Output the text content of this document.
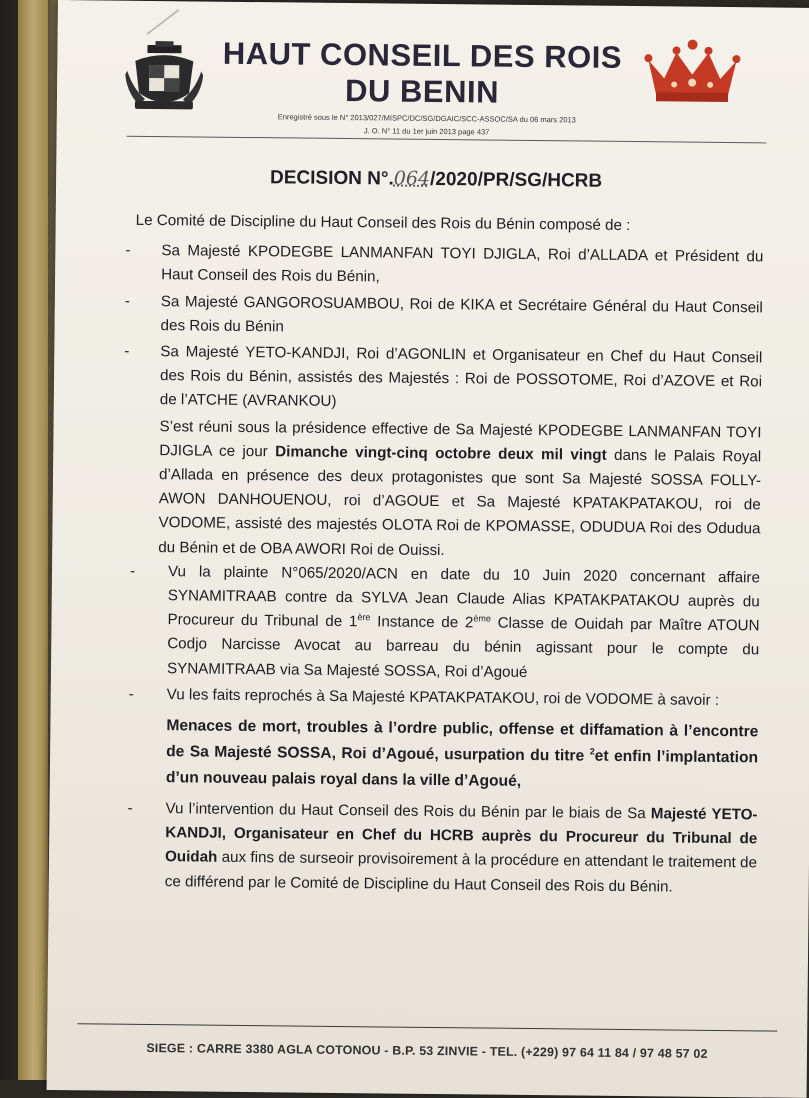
HAUT CONSEIL DES ROIS
DU BENIN
Enregistré sous le N° 2013/027/MISPC/DC/SG/DGAIC/SCC-ASSOC/SA du 06 mars 2013
J. O. N° 11 du 1er juin 2013 page 437
DECISION N°.064/2020/PR/SG/HCRB
Le Comité de Discipline du Haut Conseil des Rois du Bénin composé de :
- Sa Majesté KPODEGBE LANMANFAN TOYI DJIGLA, Roi d’ALLADA et Président du Haut Conseil des Rois du Bénin,

- Sa Majesté GANGOROSUAMBOU, Roi de KIKA et Secrétaire Général du Haut Conseil des Rois du Bénin

- Sa Majesté YETO-KANDJI, Roi d’AGONLIN et Organisateur en Chef du Haut Conseil des Rois du Bénin, assistés des Majestés : Roi de POSSOTOME, Roi d’AZOVE et Roi de l’ATCHE (AVRANKOU)

S’est réuni sous la présidence effective de Sa Majesté KPODEGBE LANMANFAN TOYI DJIGLA ce jour Dimanche vingt-cinq octobre deux mil vingt dans le Palais Royal d’Allada en présence des deux protagonistes que sont Sa Majesté SOSSA FOLLY-AWON DANHOUENOU, roi d’AGOUE et Sa Majesté KPATAKPATAKOU, roi de VODOME, assisté des majestés OLOTA Roi de KPOMASSE, ODUDUA Roi des Odudua du Bénin et de OBA AWORI Roi de Ouissi.
- Vu la plainte N°065/2020/ACN en date du 10 Juin 2020 concernant affaire SYNAMITRAAB contre da SYLVA Jean Claude Alias KPATAKPATAKOU auprès du Procureur du Tribunal de 1ère Instance de 2ème Classe de Ouidah par Maître ATOUN Codjo Narcisse Avocat au barreau du bénin agissant pour le compte du SYNAMITRAAB via Sa Majesté SOSSA, Roi d’Agoué

- Vu les faits reprochés à Sa Majesté KPATAKPATAKOU, roi de VODOME à savoir :

Menaces de mort, troubles à l’ordre public, offense et diffamation à l’encontre de Sa Majesté SOSSA, Roi d’Agoué, usurpation du titre $^2$et enfin l’implantation d’un nouveau palais royal dans la ville d’Agoué,
- Vu l’intervention du Haut Conseil des Rois du Bénin par le biais de Sa Majesté YETO-KANDJI, Organisateur en Chef du HCRB auprès du Procureur du Tribunal de Ouidah aux fins de surseoir provisoirement à la procédure en attendant le traitement de ce différend par le Comité de Discipline du Haut Conseil des Rois du Bénin.

SIEGE : CARRE 3380 AGLA COTONOU - B.P. 53 ZINVIE - TEL. (+229) 97 64 11 84 / 97 48 57 02
